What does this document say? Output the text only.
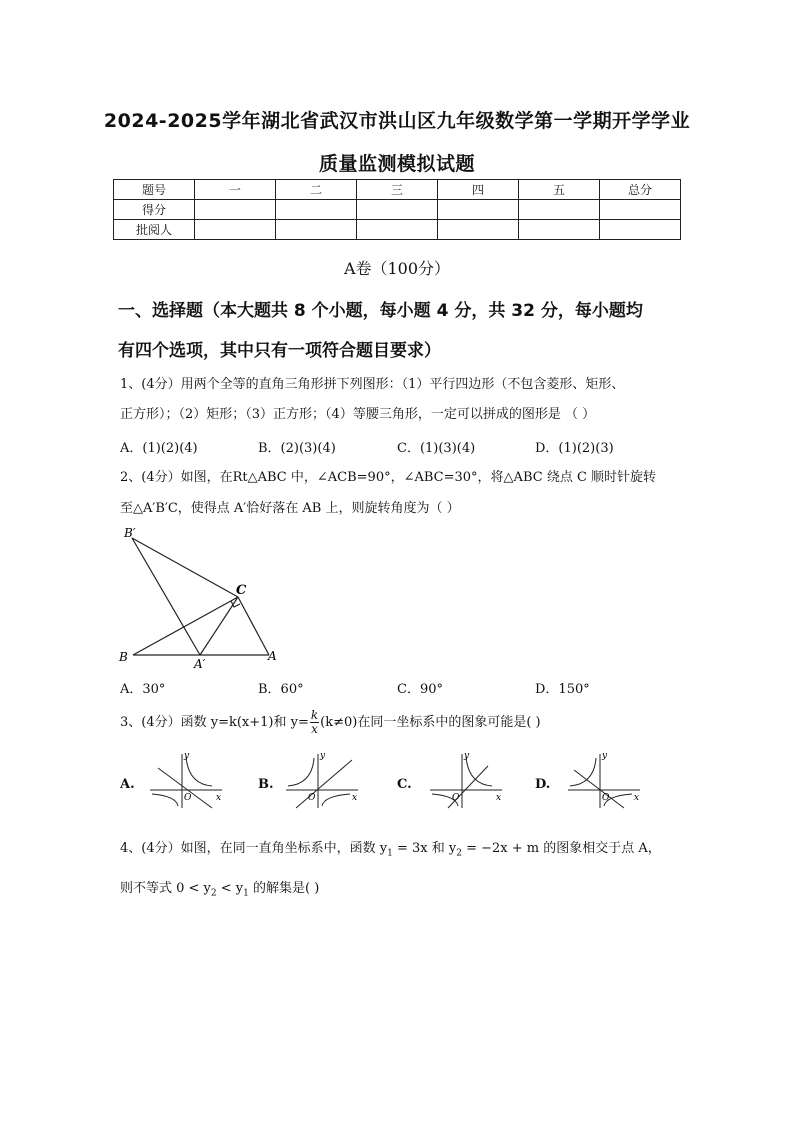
2024-2025学年湖北省武汉市洪山区九年级数学第一学期开学学业
质量监测模拟试题
题号	一	二	三	四	五	总分
得分						
批阅人						
A卷（100分）
一、选择题（本大题共 8 个小题，每小题 4 分，共 32 分，每小题均
有四个选项，其中只有一项符合题目要求）
1、(4分）用两个全等的直角三角形拼下列图形：（1）平行四边形（不包含菱形、矩形、
正方形）；（2）矩形；（3）正方形；（4）等腰三角形，一定可以拼成的图形是 （ ）
A．(1)(2)(4)	B．(2)(3)(4)	C．(1)(3)(4)	D．(1)(2)(3)
2、(4分）如图，在Rt△ABC 中，∠ACB=90°，∠ABC=30°，将△ABC 绕点 C 顺时针旋转
至△A′B′C，使得点 A′恰好落在 AB 上，则旋转角度为（ ）
B′
C
B	A′
A
A．30°	B．60°	C．90°	D．150°
3、(4分）函数 y=k(x+1)和 $y= \frac{k}{x} (k\ne 0)$在同一坐标系中的图象可能是( )
A.
y
x
O
B.
y
x
O
C.
y
x
O
D.
y
x
O
4、(4分）如图，在同一直角坐标系中，函数 $y_1 = 3x$ 和 $y_2 = -2x + m$ 的图象相交于点 A，
则不等式 $0 < y_2 < y_1$ 的解集是( )
